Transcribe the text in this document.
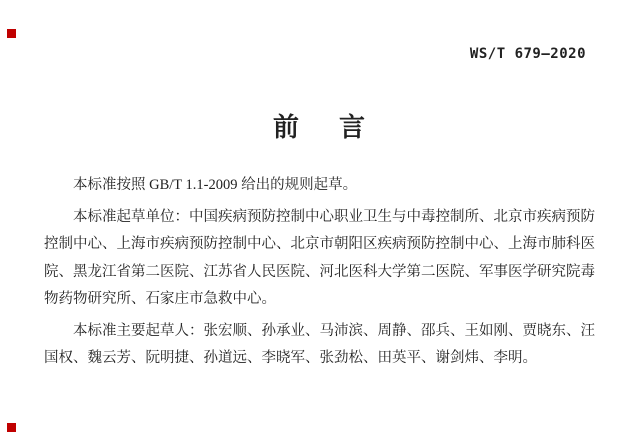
WS/T 679—2020
前 言

本标准按照 GB/T 1.1-2009 给出的规则起草。

本标准起草单位：中国疾病预防控制中心职业卫生与中毒控制所、北京市疾病预防控制中心、上海市疾病预防控制中心、北京市朝阳区疾病预防控制中心、上海市肺科医院、黑龙江省第二医院、江苏省人民医院、河北医科大学第二医院、军事医学研究院毒物药物研究所、石家庄市急救中心。

本标准主要起草人：张宏顺、孙承业、马沛滨、周静、邵兵、王如刚、贾晓东、汪国权、魏云芳、阮明捷、孙道远、李晓军、张劲松、田英平、谢剑炜、李明。
